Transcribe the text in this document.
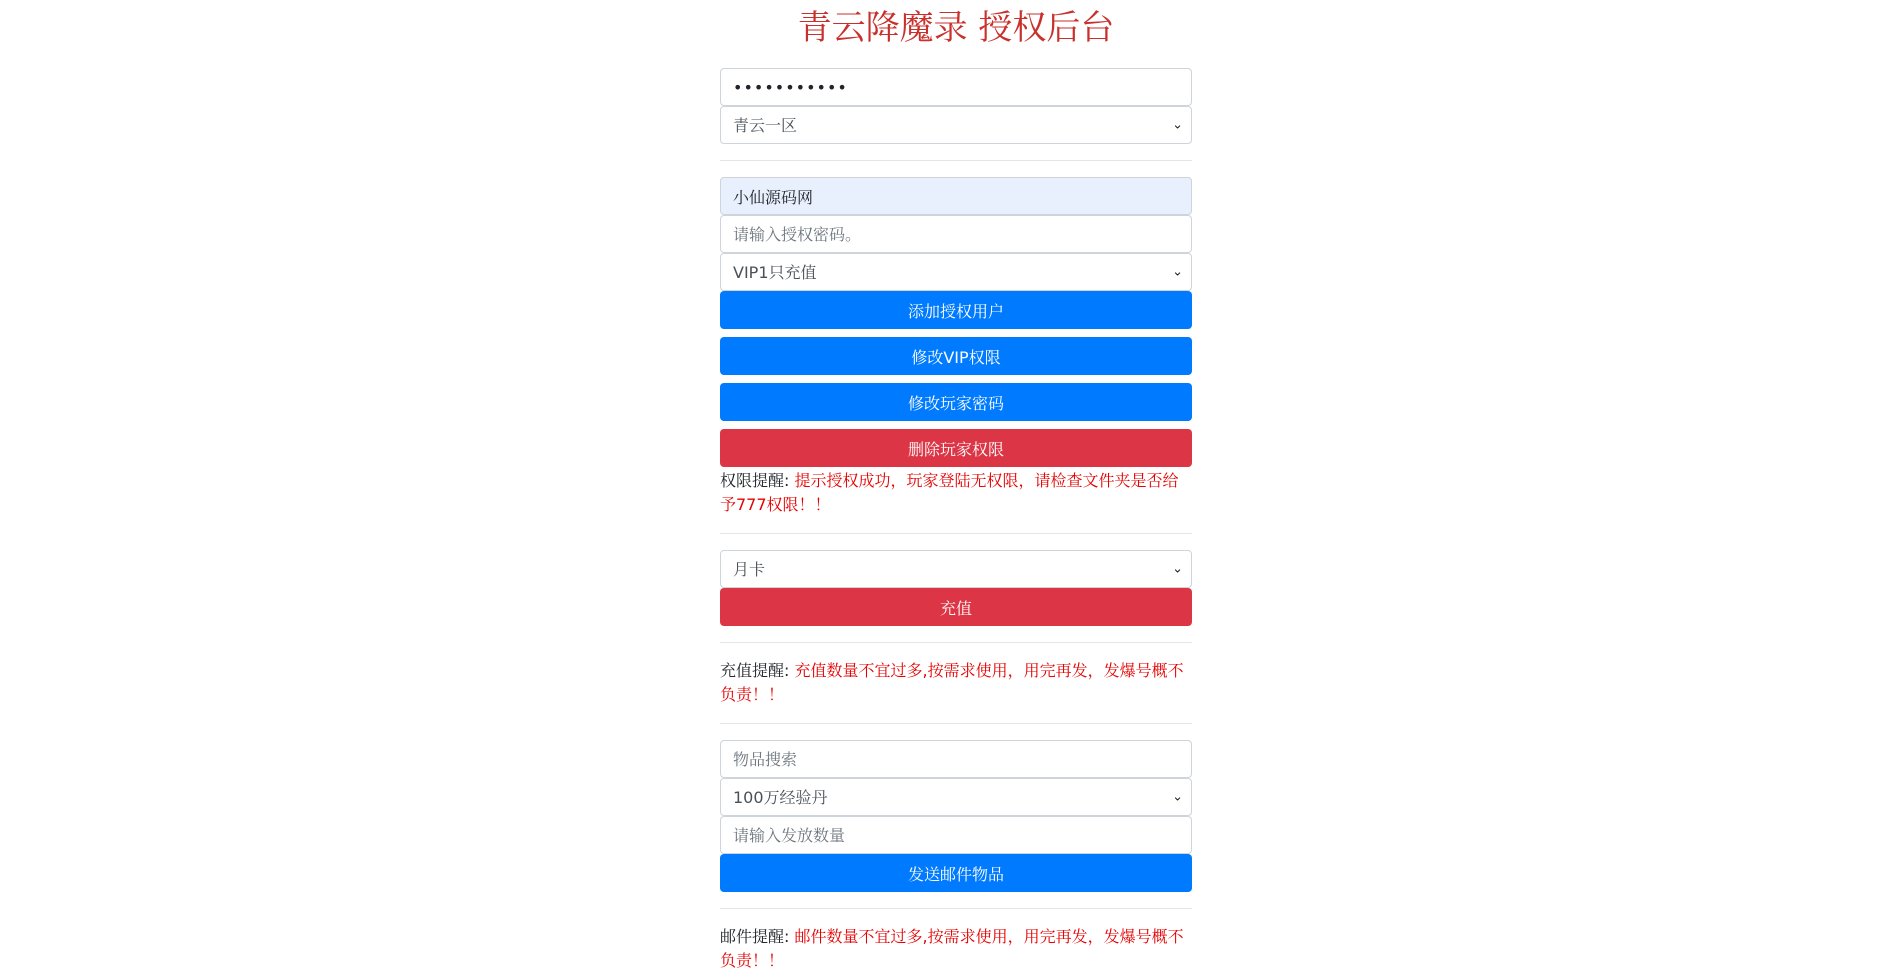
青云降魔录 授权后台
•••••••••••
青云一区
⌄
小仙源码网
请输入授权密码。
VIP1只充值
⌄
添加授权用户
修改VIP权限
修改玩家密码
删除玩家权限
权限提醒: 提示授权成功，玩家登陆无权限，请检查文件夹是否给予777权限！！
月卡
⌄
充值
充值提醒: 充值数量不宜过多,按需求使用，用完再发，发爆号概不负责！！
物品搜索
100万经验丹
⌄
请输入发放数量
发送邮件物品
邮件提醒: 邮件数量不宜过多,按需求使用，用完再发，发爆号概不负责！！
